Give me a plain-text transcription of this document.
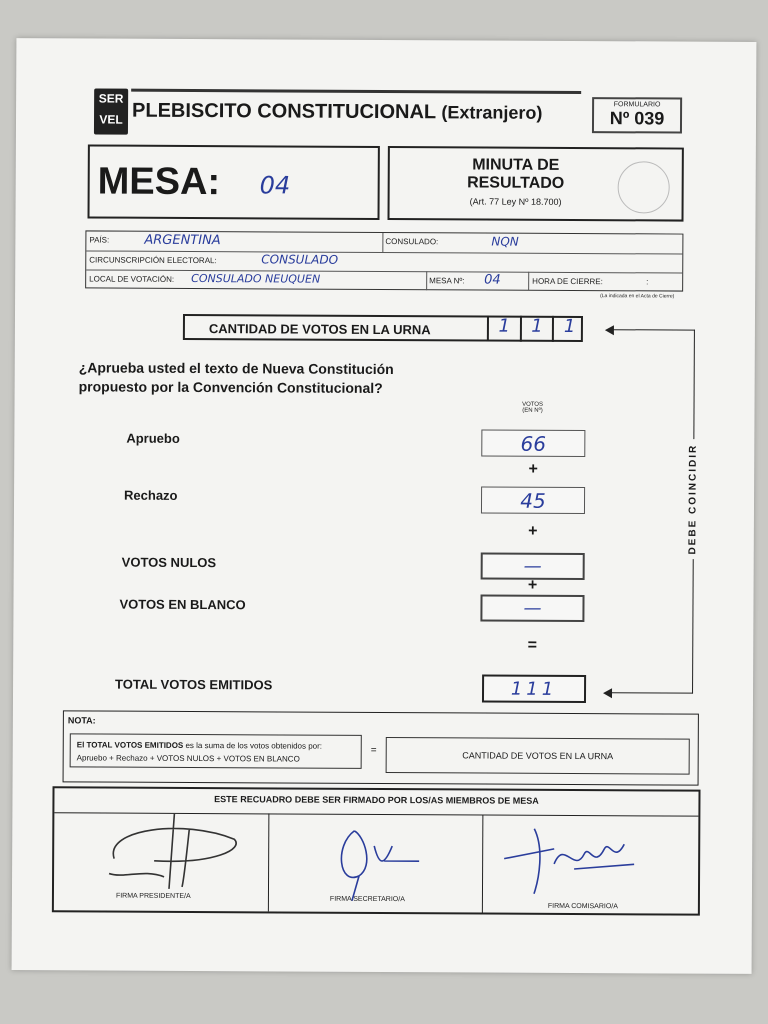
SER
VEL PLEBISCITO CONSTITUCIONAL (Extranjero)	FORMULARIO
Nº 039
MESA: 04
MINUTA DE
RESULTADO
(Art. 77 Ley Nº 18.700)
PAÍS:	ARGENTINA	CONSULADO:	NQN
CIRCUNSCRIPCIÓN ELECTORAL:	CONSULADO
LOCAL DE VOTACIÓN: CONSULADO NEUQUEN	MESA Nº: 04	HORA DE CIERRE:	:
(La indicada en el Acta de Cierre)
CANTIDAD DE VOTOS EN LA URNA	1	1	1
¿Aprueba usted el texto de Nueva Constitución
propuesto por la Convención Constitucional?
VOTOS
(EN Nº)
Apruebo	66
+
Rechazo	45
+
VOTOS NULOS	—
+
VOTOS EN BLANCO	—
=
TOTAL VOTOS EMITIDOS	111
DEBE COINCIDIR
NOTA:
El TOTAL VOTOS EMITIDOS es la suma de los votos obtenidos por:
Apruebo + Rechazo + VOTOS NULOS + VOTOS EN BLANCO
=	CANTIDAD DE VOTOS EN LA URNA
ESTE RECUADRO DEBE SER FIRMADO POR LOS/AS MIEMBROS DE MESA
FIRMA PRESIDENTE/A	FIRMA SECRETARIO/A
FIRMA COMISARIO/A
